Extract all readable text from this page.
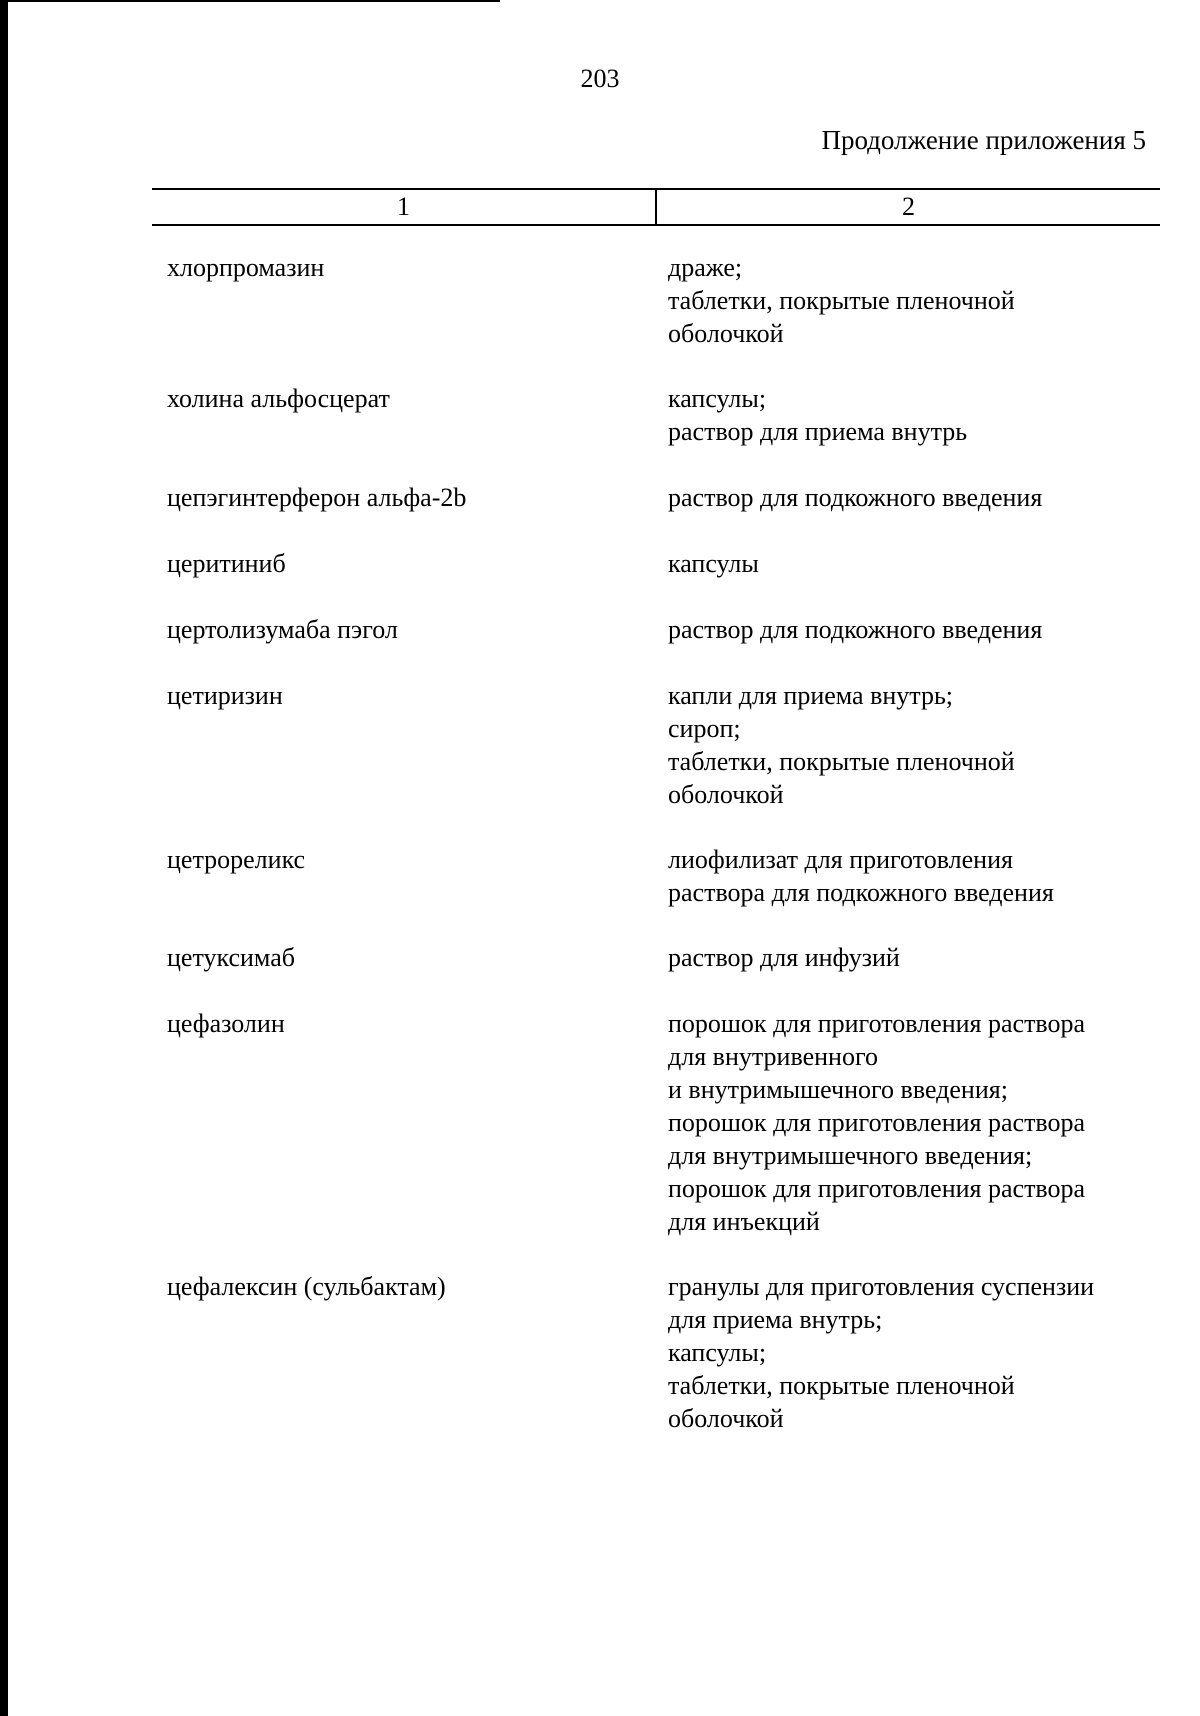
203
Продолжение приложения 5
1	2
хлорпромазин	драже;
таблетки, покрытые пленочной
оболочкой
холина альфосцерат	капсулы;
раствор для приема внутрь
цепэгинтерферон альфа-2b	раствор для подкожного введения
церитиниб	капсулы
цертолизумаба пэгол	раствор для подкожного введения
цетиризин	капли для приема внутрь;
сироп;
таблетки, покрытые пленочной
оболочкой
цетрореликс	лиофилизат для приготовления
раствора для подкожного введения
цетуксимаб	раствор для инфузий
цефазолин	порошок для приготовления раствора
для внутривенного
и внутримышечного введения;
порошок для приготовления раствора
для внутримышечного введения;
порошок для приготовления раствора
для инъекций
цефалексин (сульбактам)	гранулы для приготовления суспензии
для приема внутрь;
капсулы;
таблетки, покрытые пленочной
оболочкой
